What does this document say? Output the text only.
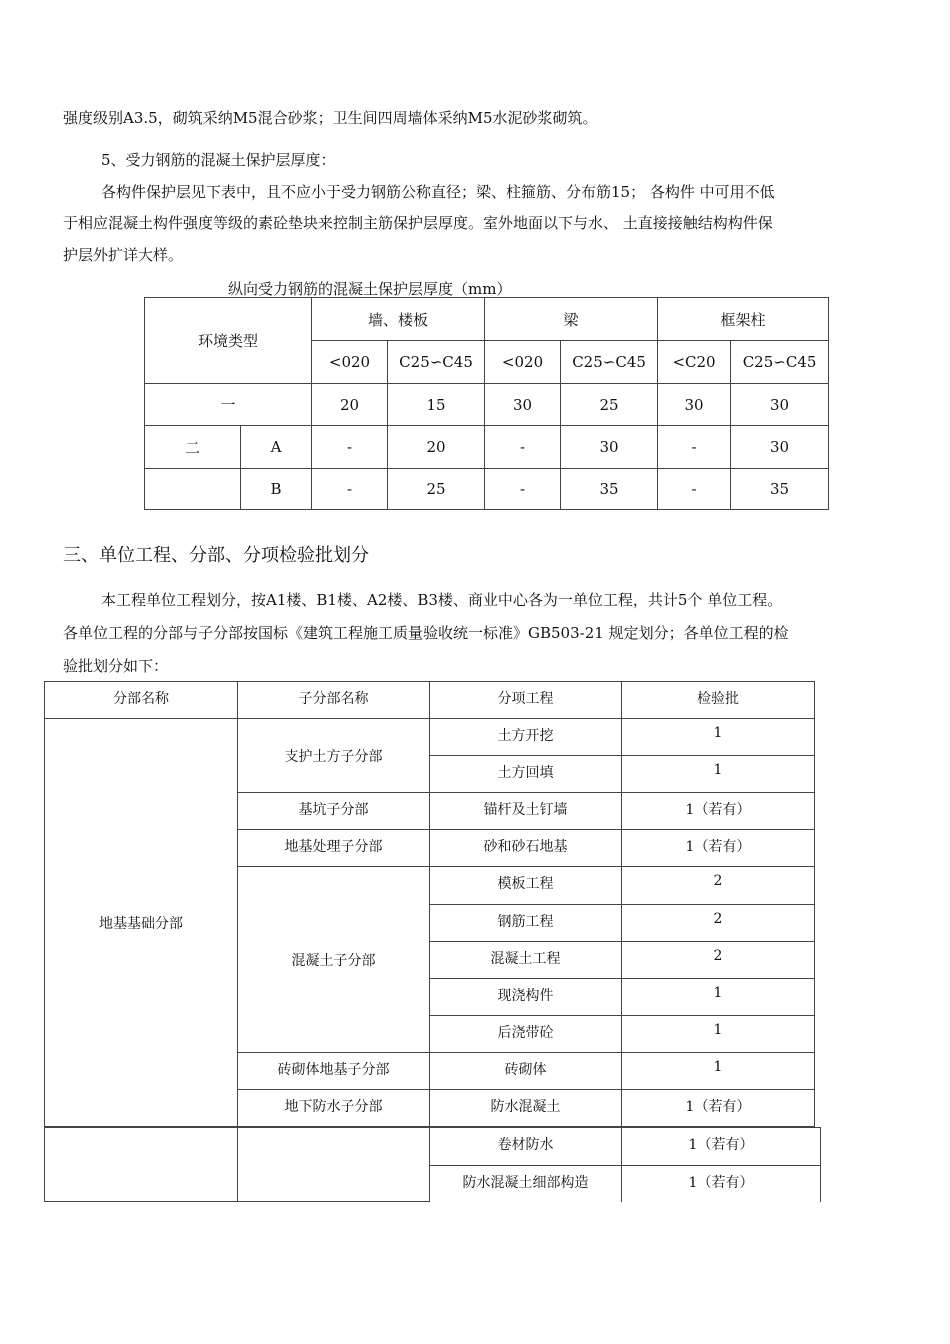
强度级别A3.5，砌筑采纳M5混合砂浆；卫生间四周墙体采纳M5水泥砂浆砌筑。
5、受力钢筋的混凝土保护层厚度：
各构件保护层见下表中，且不应小于受力钢筋公称直径；梁、柱箍筋、分布筋15； 各构件 中可用不低
于相应混凝土构件强度等级的素砼垫块来控制主筋保护层厚度。室外地面以下与水、 土直接接触结构构件保
护层外扩详大样。
纵向受力钢筋的混凝土保护层厚度（mm）
环境类型		墙、楼板		梁		框架柱	
		<020	C25∽C45	<020	C25∽C45	<C20	C25∽C45
一		20	15	30	25	30	30
二	A	-	20	-	30	-	30
	B	-	25	-	35	-	35
三、单位工程、分部、分项检验批划分
本工程单位工程划分，按A1楼、B1楼、A2楼、B3楼、商业中心各为一单位工程，共计5个 单位工程。
各单位工程的分部与子分部按国标《建筑工程施工质量验收统一标准》GB503-21 规定划分；各单位工程的检
验批划分如下：
分部名称	子分部名称	分项工程	检验批
地基基础分部	支护土方子分部	土方开挖	1
		土方回填	1
	基坑子分部	锚杆及土钉墙	1（若有）
	地基处理子分部	砂和砂石地基	1（若有）
	混凝土子分部	模板工程	2
		钢筋工程	2
		混凝土工程	2
		现浇构件	1
		后浇带砼	1
	砖砌体地基子分部	砖砌体	1
	地下防水子分部	防水混凝土	1（若有）
		卷材防水	1（若有）
		防水混凝土细部构造	1（若有）
